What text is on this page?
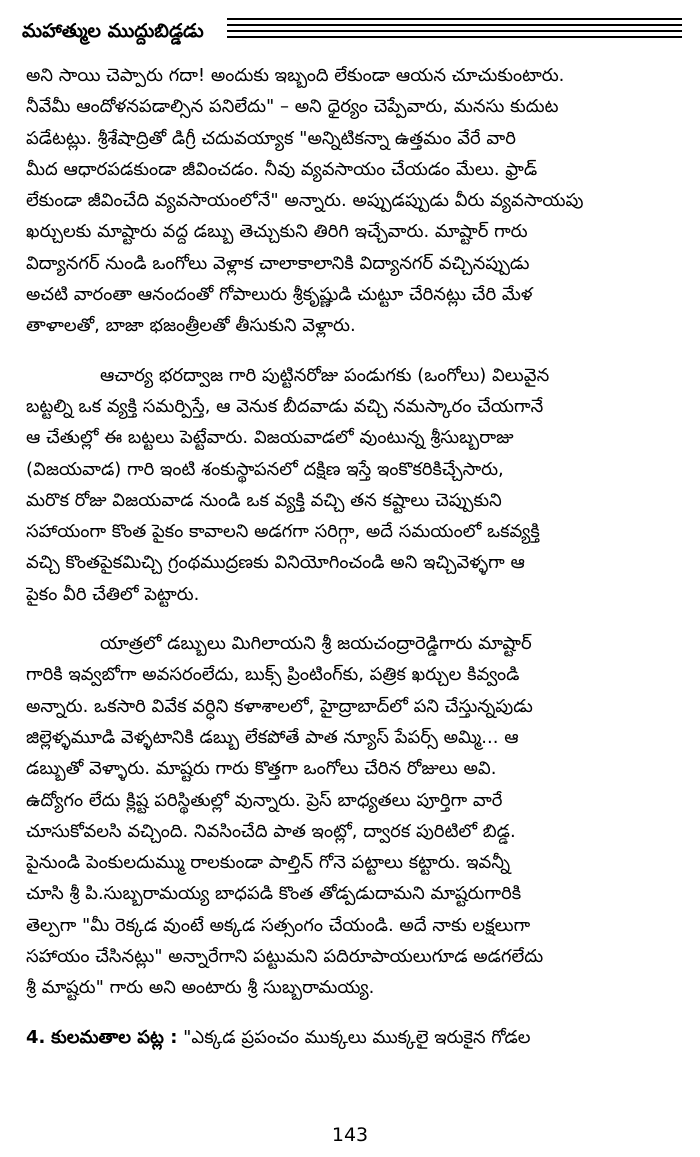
మహాత్ముల ముద్దుబిడ్డడు

అని సాయి చెప్పారు గదా! అందుకు ఇబ్బంది లేకుండా ఆయన చూచుకుంటారు.
నీవేమీ ఆందోళనపడాల్సిన పనిలేదు" – అని ధైర్యం చెప్పేవారు, మనసు కుదుట
పడేటట్లు. శ్రీశేషాద్రితో డిగ్రీ చదువయ్యాక "అన్నిటికన్నా ఉత్తమం వేరే వారి
మీద ఆధారపడకుండా జీవించడం. నీవు వ్యవసాయం చేయడం మేలు. ఫ్రాడ్
లేకుండా జీవించేది వ్యవసాయంలోనే" అన్నారు. అప్పుడప్పుడు వీరు వ్యవసాయపు
ఖర్చులకు మాష్టారు వద్ద డబ్బు తెచ్చుకుని తిరిగి ఇచ్చేవారు. మాష్టార్ గారు
విద్యానగర్ నుండి ఒంగోలు వెళ్లాక చాలాకాలానికి విద్యానగర్ వచ్చినప్పుడు
అచటి వారంతా ఆనందంతో గోపాలురు శ్రీకృష్ణుడి చుట్టూ చేరినట్లు చేరి మేళ
తాళాలతో, బాజా భజంత్రీలతో తీసుకుని వెళ్లారు.

ఆచార్య భరద్వాజ గారి పుట్టినరోజు పండుగకు (ఒంగోలు) విలువైన
బట్టల్ని ఒక వ్యక్తి సమర్పిస్తే, ఆ వెనుక బీదవాడు వచ్చి నమస్కారం చేయగానే
ఆ చేతుల్లో ఈ బట్టలు పెట్టేవారు. విజయవాడలో వుంటున్న శ్రీసుబ్బరాజు
(విజయవాడ) గారి ఇంటి శంకుస్థాపనలో దక్షిణ ఇస్తే ఇంకొకరికిచ్చేసారు,
మరొక రోజు విజయవాడ నుండి ఒక వ్యక్తి వచ్చి తన కష్టాలు చెప్పుకుని
సహాయంగా కొంత పైకం కావాలని అడగగా సరిగ్గా, అదే సమయంలో ఒకవ్యక్తి
వచ్చి కొంతపైకమిచ్చి గ్రంథముద్రణకు వినియోగించండి అని ఇచ్చివెళ్ళగా ఆ
పైకం వీరి చేతిలో పెట్టారు.

యాత్రలో డబ్బులు మిగిలాయని శ్రీ జయచంద్రారెడ్డిగారు మాష్టార్
గారికి ఇవ్వబోగా అవసరంలేదు, బుక్స్ ప్రింటింగ్‌కు, పత్రిక ఖర్చుల కివ్వండి
అన్నారు. ఒకసారి వివేక వర్ధిని కళాశాలలో, హైద్రాబాద్‌లో పని చేస్తున్నపుడు
జిల్లెళ్ళమూడి వెళ్ళటానికి డబ్బు లేకపోతే పాత న్యూస్ పేపర్స్ అమ్మి... ఆ
డబ్బుతో వెళ్ళారు. మాష్టరు గారు కొత్తగా ఒంగోలు చేరిన రోజులు అవి.
ఉద్యోగం లేదు క్లిష్ట పరిస్థితుల్లో వున్నారు. ప్రెస్ బాధ్యతలు పూర్తిగా వారే
చూసుకోవలసి వచ్చింది. నివసించేది పాత ఇంట్లో, ద్వారక పురిటిలో బిడ్డ.
పైనుండి పెంకులదుమ్ము రాలకుండా పాల్తిన్ గోనె పట్టాలు కట్టారు. ఇవన్నీ
చూసి శ్రీ పి.సుబ్బరామయ్య బాధపడి కొంత తోడ్పడుదామని మాష్టరుగారికి
తెల్పగా "మీ రెక్కడ వుంటే అక్కడ సత్సంగం చేయండి. అదే నాకు లక్షలుగా
సహాయం చేసినట్లు" అన్నారేగాని పట్టుమని పదిరూపాయలుగూడ అడగలేదు
శ్రీ మాష్టరు" గారు అని అంటారు శ్రీ సుబ్బరామయ్య.

4. కులమతాల పట్ల : "ఎక్కడ ప్రపంచం ముక్కలు ముక్కలై ఇరుకైన గోడల
143
